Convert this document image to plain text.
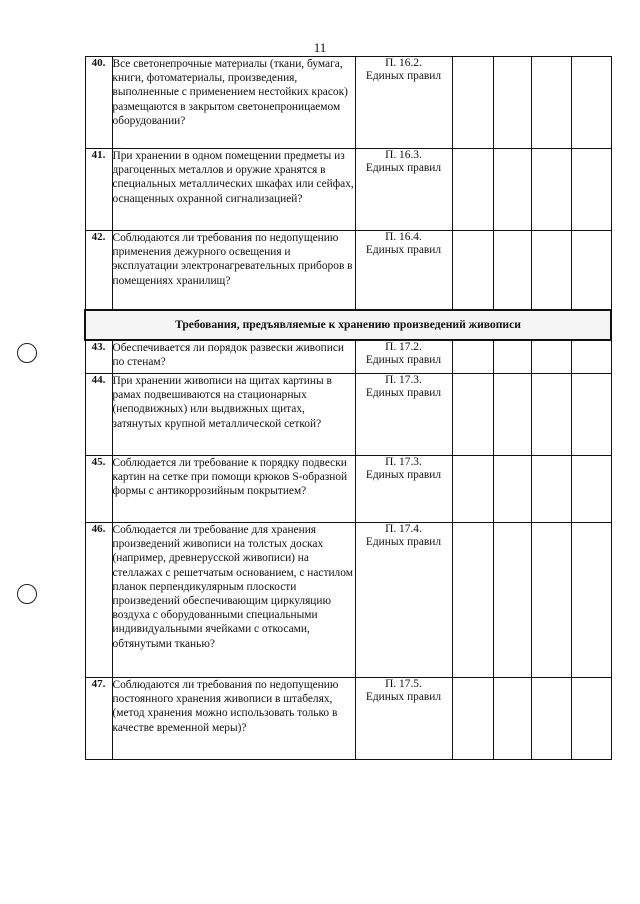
11
40.	Все светонепрочные материалы (ткани, бумага, книги, фотоматериалы, произведения, выполненные с применением нестойких красок) размещаются в закрытом светонепроницаемом оборудовании?	П. 16.2.
Единых правил				

41.	При хранении в одном помещении предметы из драгоценных металлов и оружие хранятся в специальных металлических шкафах или сейфах, оснащенных охранной сигнализацией?	П. 16.3.
Единых правил				

42.	Соблюдаются ли требования по недопущению применения дежурного освещения и эксплуатации электронагревательных приборов в помещениях хранилищ?	П. 16.4.
Единых правил				

Требования, предъявляемые к хранению произведений живописи						
43.	Обеспечивается ли порядок развески живописи по стенам?	П. 17.2.
Единых правил				

44.	При хранении живописи на щитах картины в рамах подвешиваются на стационарных (неподвижных) или выдвижных щитах, затянутых крупной металлической сеткой?	П. 17.3.
Единых правил				

45.	Соблюдается ли требование к порядку подвески картин на сетке при помощи крюков S-образной формы с антикоррозийным покрытием?	П. 17.3.
Единых правил				

46.	Соблюдается ли требование для хранения произведений живописи на толстых досках (например, древнерусской живописи) на стеллажах с решетчатым основанием, с настилом планок перпендикулярным плоскости произведений обеспечивающим циркуляцию воздуха с оборудованными специальными индивидуальными ячейками с откосами, обтянутыми тканью?	П. 17.4.
Единых правил				

47.	Соблюдаются ли требования по недопущению постоянного хранения живописи в штабелях, (метод хранения можно использовать только в качестве временной меры)?	П. 17.5.
Единых правил				
